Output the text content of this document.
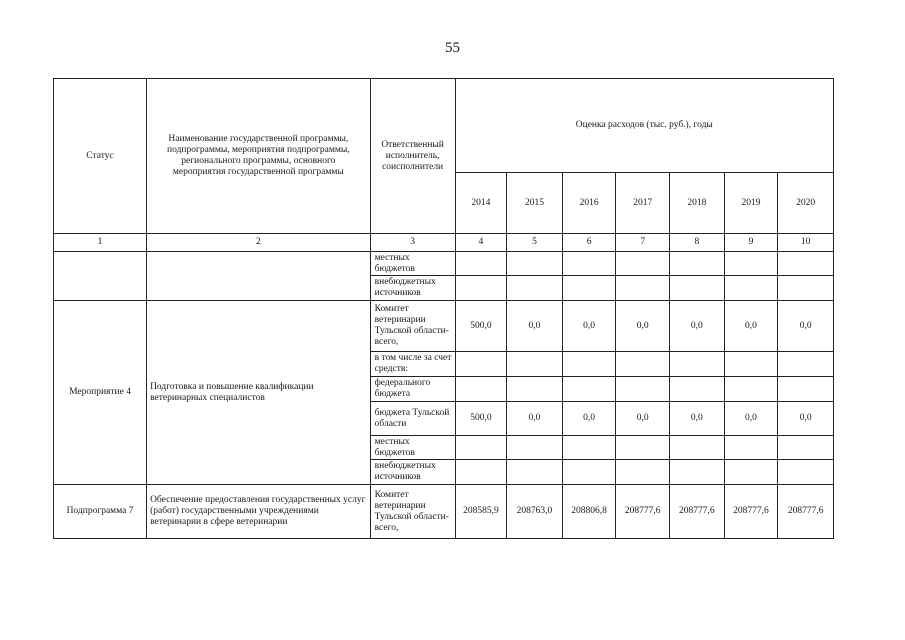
55
Статус	Наименование государственной программы, подпрограммы, мероприятия подпрограммы, регионального программы, основного мероприятия государственной программы	Ответственный исполнитель, соисполнители	Оценка расходов (тыс. руб.), годы						
			2014	2015	2016	2017	2018	2019	2020
1	2	3	4	5	6	7	8	9	10
		местных бюджетов							
		внебюджетных источников							
Мероприятие 4	Подготовка и повышение квалификации ветеринарных специалистов	Комитет ветеринарии Тульской области- всего,	500,0	0,0	0,0	0,0	0,0	0,0	0,0
		в том числе за счет средств:							
		федерального бюджета							
		бюджета Тульской области	500,0	0,0	0,0	0,0	0,0	0,0	0,0
		местных бюджетов							
		внебюджетных источников							
Подпрограмма 7	Обеспечение предоставления государственных услуг (работ) государственными учреждениями ветеринарии в сфере ветеринарии	Комитет ветеринарии Тульской области- всего,	208585,9	208763,0	208806,8	208777,6	208777,6	208777,6	208777,6
